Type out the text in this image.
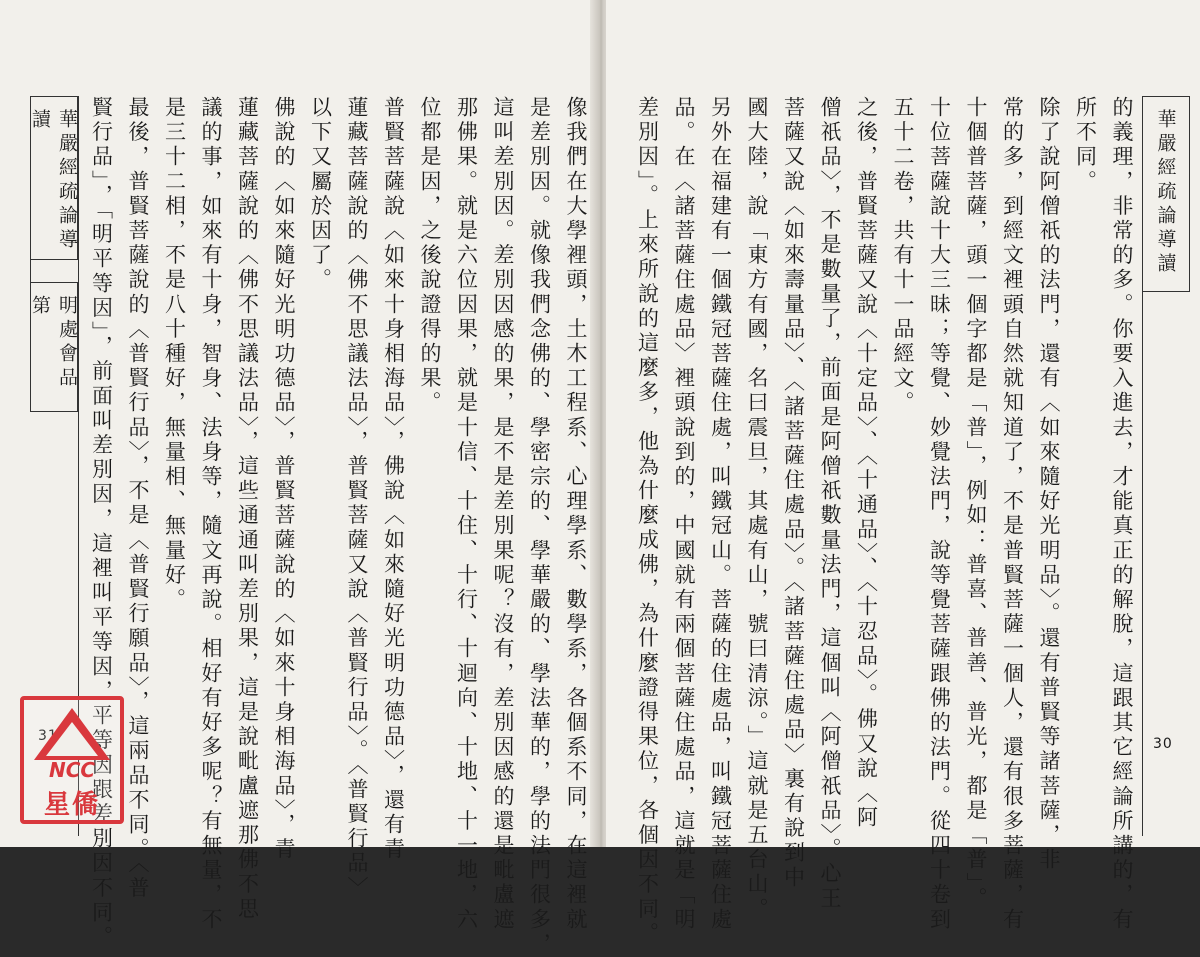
華嚴經疏論導讀
明處會品第
31	像我們在大學裡頭，土木工程系、心理學系、數學系，各個系不同，在這裡就

是差別因。就像我們念佛的、學密宗的、學華嚴的、學法華的，學的法門很多，

這叫差別因。差別因感的果，是不是差別果呢？沒有，差別因感的還是毗盧遮

那佛果。就是六位因果，就是十信、十住、十行、十迴向、十地、十一地，六

位都是因，之後說證得的果。

普賢菩薩說〈如來十身相海品〉，佛說〈如來隨好光明功德品〉，還有青

蓮藏菩薩說的〈佛不思議法品〉，普賢菩薩又說〈普賢行品〉。〈普賢行品〉

以下又屬於因了。

佛說的〈如來隨好光明功德品〉，普賢菩薩說的〈如來十身相海品〉，青

蓮藏菩薩說的〈佛不思議法品〉，這些通通叫差別果，這是說毗盧遮那佛不思

議的事，如來有十身，智身、法身等，隨文再說。相好有好多呢？有無量，不

是三十二相，不是八十種好，無量相、無量好。

最後，普賢菩薩說的〈普賢行品〉，不是〈普賢行願品〉，這兩品不同。〈普

賢行品」，「明平等因」，前面叫差別因，這裡叫平等因，平等因跟差別因不同。	的義理，非常的多。你要入進去，才能真正的解脫，這跟其它經論所講的，有

所不同。

除了說阿僧祇的法門，還有〈如來隨好光明品〉。還有普賢等諸菩薩，非

常的多，到經文裡頭自然就知道了，不是普賢菩薩一個人，還有很多菩薩，有

十個普菩薩，頭一個字都是「普」，例如：普喜、普善、普光，都是「普」。

十位菩薩說十大三昧；等覺、妙覺法門，說等覺菩薩跟佛的法門。從四十卷到

五十二卷，共有十一品經文。

之後，普賢菩薩又說〈十定品〉、〈十通品〉、〈十忍品〉。佛又說〈阿

僧祇品〉，不是數量了，前面是阿僧祇數量法門，這個叫〈阿僧祇品〉。心王

菩薩又說〈如來壽量品〉、〈諸菩薩住處品〉。〈諸菩薩住處品〉裏有說到中

國大陸，說「東方有國，名曰震旦，其處有山，號曰清涼。」這就是五台山。

另外在福建有一個鐵冠菩薩住處，叫鐵冠山。菩薩的住處品，叫鐵冠菩薩住處

品。在〈諸菩薩住處品〉裡頭說到的，中國就有兩個菩薩住處品，這就是「明

差別因」。上來所說的這麼多，他為什麼成佛，為什麼證得果位，各個因不同。	華嚴經疏論導讀
30
NCC
星僑
